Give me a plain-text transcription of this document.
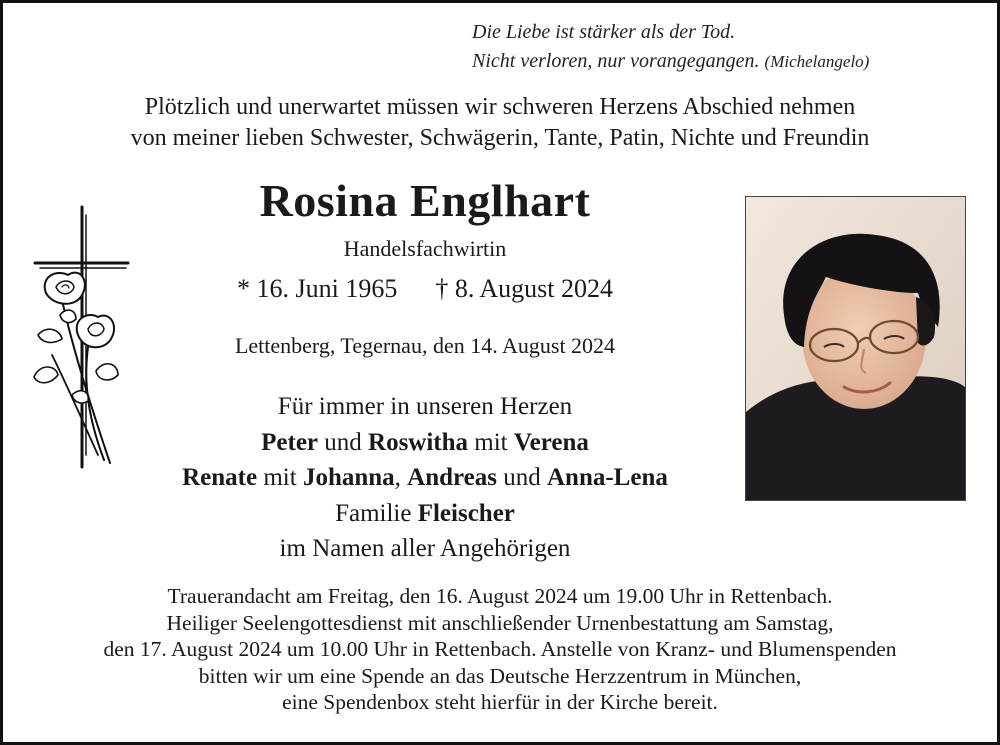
Die Liebe ist stärker als der Tod.
Nicht verloren, nur vorangegangen. (Michelangelo)
Plötzlich und unerwartet müssen wir schweren Herzens Abschied nehmen
von meiner lieben Schwester, Schwägerin, Tante, Patin, Nichte und Freundin
Rosina Englhart
Handelsfachwirtin
* 16. Juni 1965 † 8. August 2024
Lettenberg, Tegernau, den 14. August 2024
Für immer in unseren Herzen
Peter und Roswitha mit Verena
Renate mit Johanna, Andreas und Anna-Lena
Familie Fleischer
im Namen aller Angehörigen
Trauerandacht am Freitag, den 16. August 2024 um 19.00 Uhr in Rettenbach.
Heiliger Seelengottesdienst mit anschließender Urnenbestattung am Samstag,
den 17. August 2024 um 10.00 Uhr in Rettenbach. Anstelle von Kranz- und Blumenspenden
bitten wir um eine Spende an das Deutsche Herzzentrum in München,
eine Spendenbox steht hierfür in der Kirche bereit.
